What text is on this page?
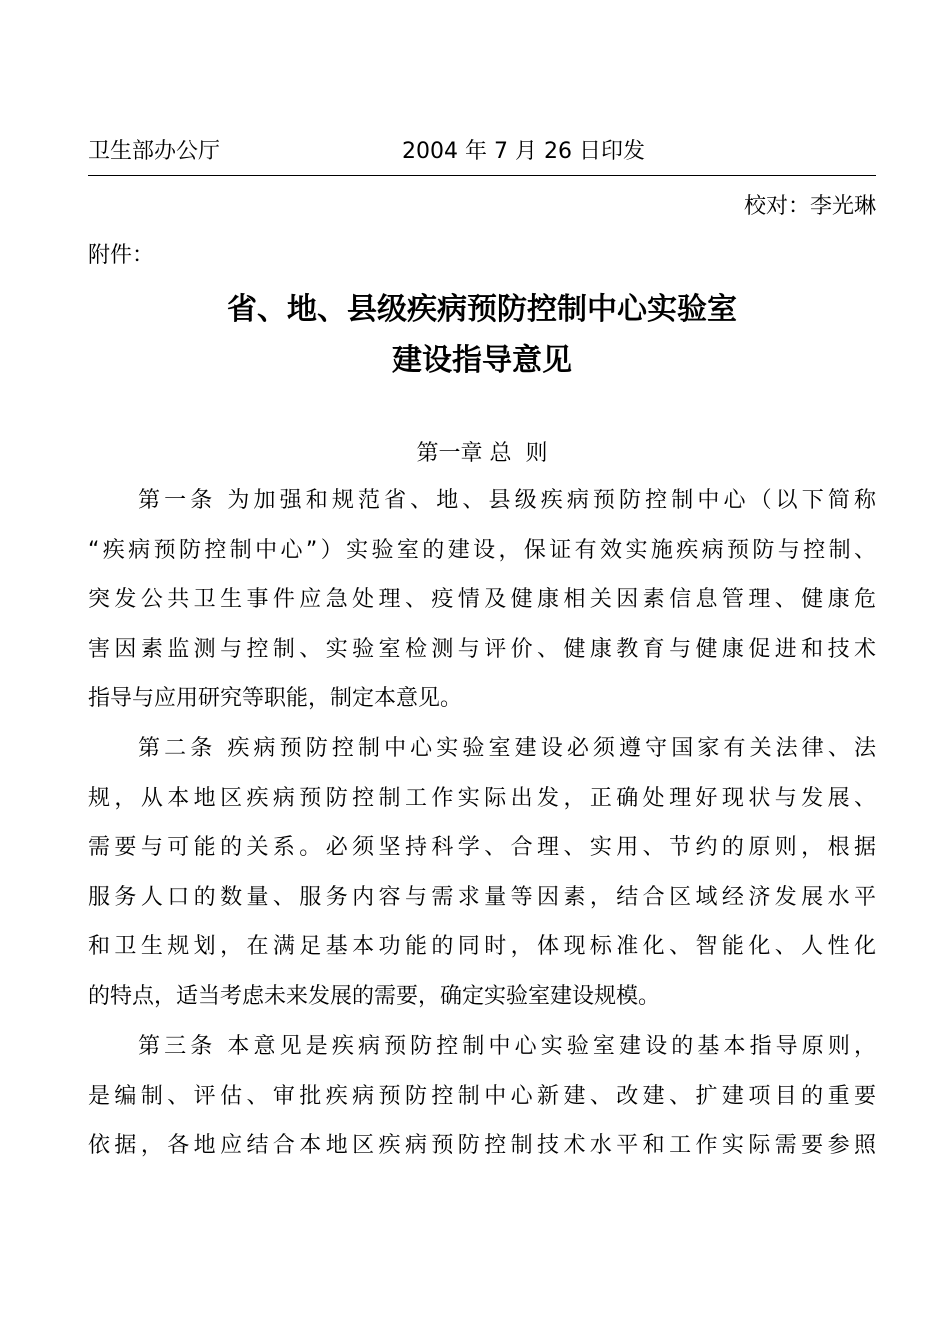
卫生部办公厅	2004 年 7 月 26 日印发
校对：李光琳
附件：
省、地、县级疾病预防控制中心实验室
建设指导意见
第一章 总  则
第一条 为加强和规范省、地、县级疾病预防控制中心（以下简称
“疾病预防控制中心”）实验室的建设，保证有效实施疾病预防与控制、
突发公共卫生事件应急处理、疫情及健康相关因素信息管理、健康危
害因素监测与控制、实验室检测与评价、健康教育与健康促进和技术
指导与应用研究等职能，制定本意见。
第二条 疾病预防控制中心实验室建设必须遵守国家有关法律、法
规，从本地区疾病预防控制工作实际出发，正确处理好现状与发展、
需要与可能的关系。必须坚持科学、合理、实用、节约的原则，根据
服务人口的数量、服务内容与需求量等因素，结合区域经济发展水平
和卫生规划，在满足基本功能的同时，体现标准化、智能化、人性化
的特点，适当考虑未来发展的需要，确定实验室建设规模。
第三条 本意见是疾病预防控制中心实验室建设的基本指导原则，
是编制、评估、审批疾病预防控制中心新建、改建、扩建项目的重要
依据，各地应结合本地区疾病预防控制技术水平和工作实际需要参照
